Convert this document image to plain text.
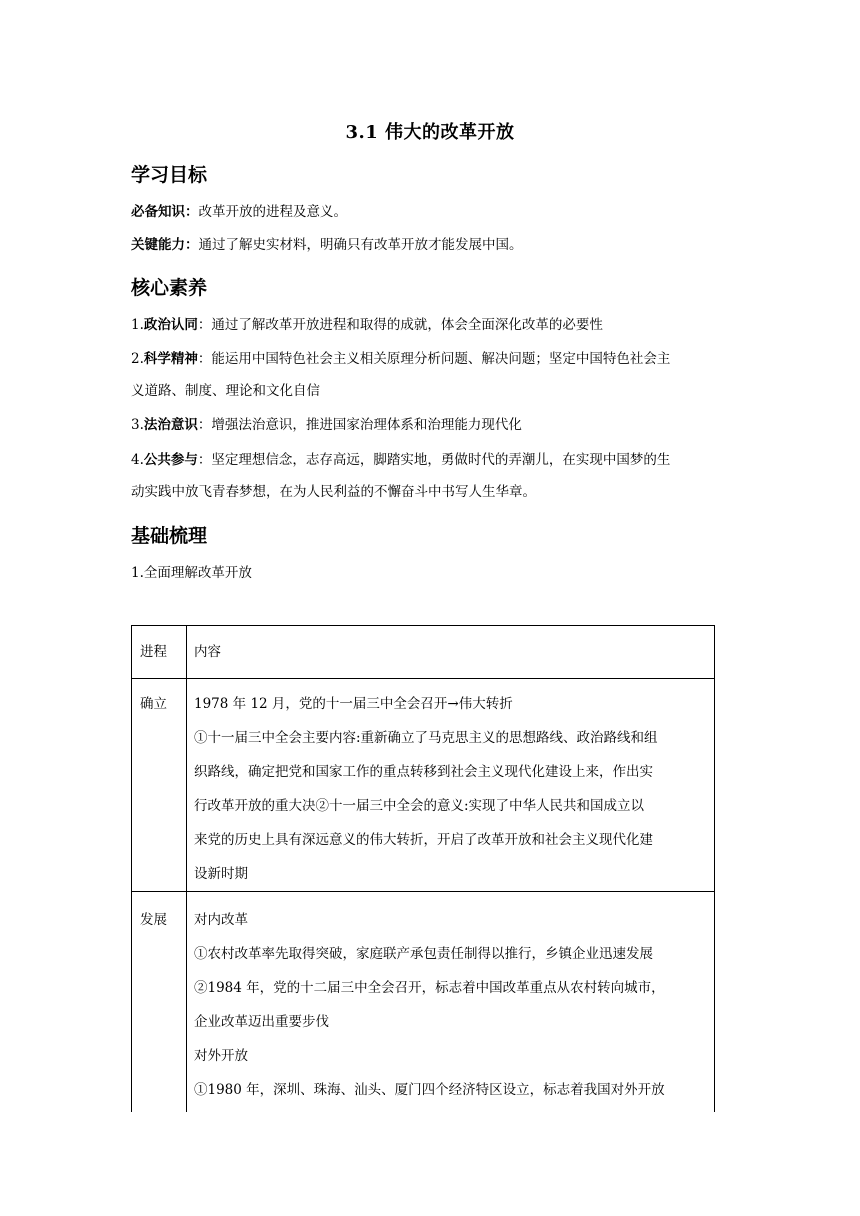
3.1 伟大的改革开放
学习目标
必备知识：改革开放的进程及意义。
关键能力：通过了解史实材料，明确只有改革开放才能发展中国。
核心素养
1.政治认同：通过了解改革开放进程和取得的成就，体会全面深化改革的必要性
2.科学精神：能运用中国特色社会主义相关原理分析问题、解决问题；坚定中国特色社会主
义道路、制度、理论和文化自信
3.法治意识：增强法治意识，推进国家治理体系和治理能力现代化
4.公共参与：坚定理想信念，志存高远，脚踏实地，勇做时代的弄潮儿，在实现中国梦的生
动实践中放飞青春梦想，在为人民利益的不懈奋斗中书写人生华章。
基础梳理
1.全面理解改革开放
进程 内容
确立 1978 年 12 月，党的十一届三中全会召开→伟大转折
①十一届三中全会主要内容:重新确立了马克思主义的思想路线、政治路线和组
织路线，确定把党和国家工作的重点转移到社会主义现代化建设上来，作出实
行改革开放的重大决②十一届三中全会的意义:实现了中华人民共和国成立以
来党的历史上具有深远意义的伟大转折，开启了改革开放和社会主义现代化建
设新时期
发展 对内改革
①农村改革率先取得突破，家庭联产承包责任制得以推行，乡镇企业迅速发展
②1984 年，党的十二届三中全会召开，标志着中国改革重点从农村转向城市，
企业改革迈出重要步伐
对外开放
①1980 年，深圳、珠海、汕头、厦门四个经济特区设立，标志着我国对外开放
